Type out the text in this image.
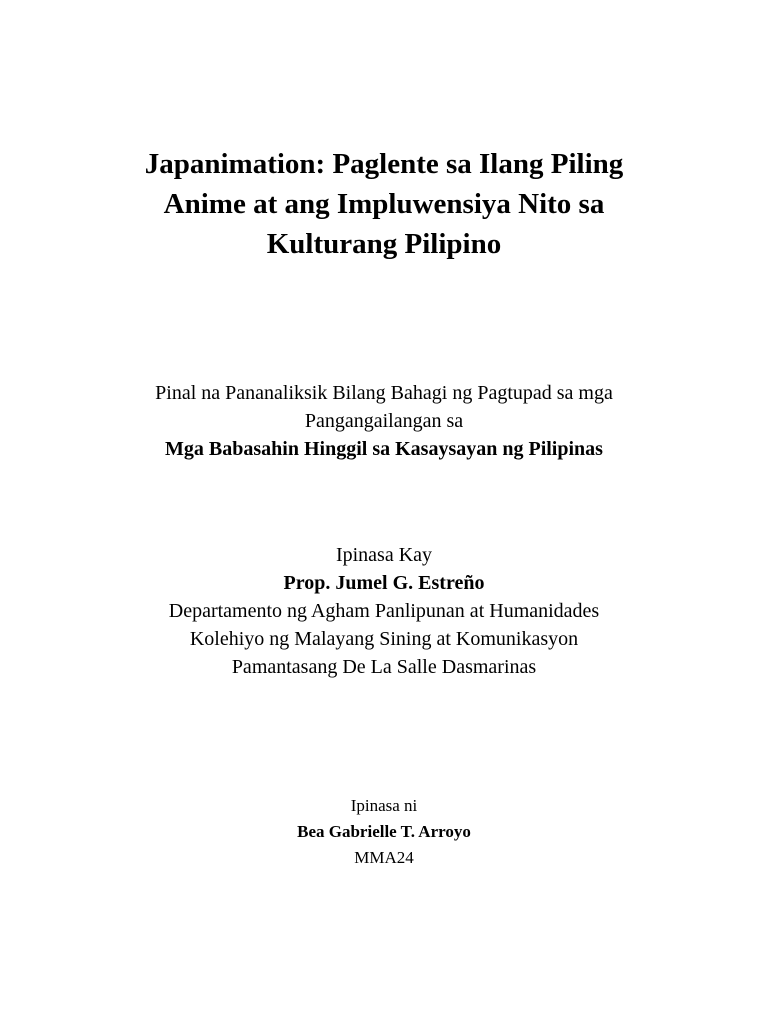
Japanimation: Paglente sa Ilang Piling
Anime at ang Impluwensiya Nito sa
Kulturang Pilipino
Pinal na Pananaliksik Bilang Bahagi ng Pagtupad sa mga
Pangangailangan sa
Mga Babasahin Hinggil sa Kasaysayan ng Pilipinas
Ipinasa Kay
Prop. Jumel G. Estreño
Departamento ng Agham Panlipunan at Humanidades
Kolehiyo ng Malayang Sining at Komunikasyon
Pamantasang De La Salle Dasmarinas
Ipinasa ni
Bea Gabrielle T. Arroyo
MMA24
